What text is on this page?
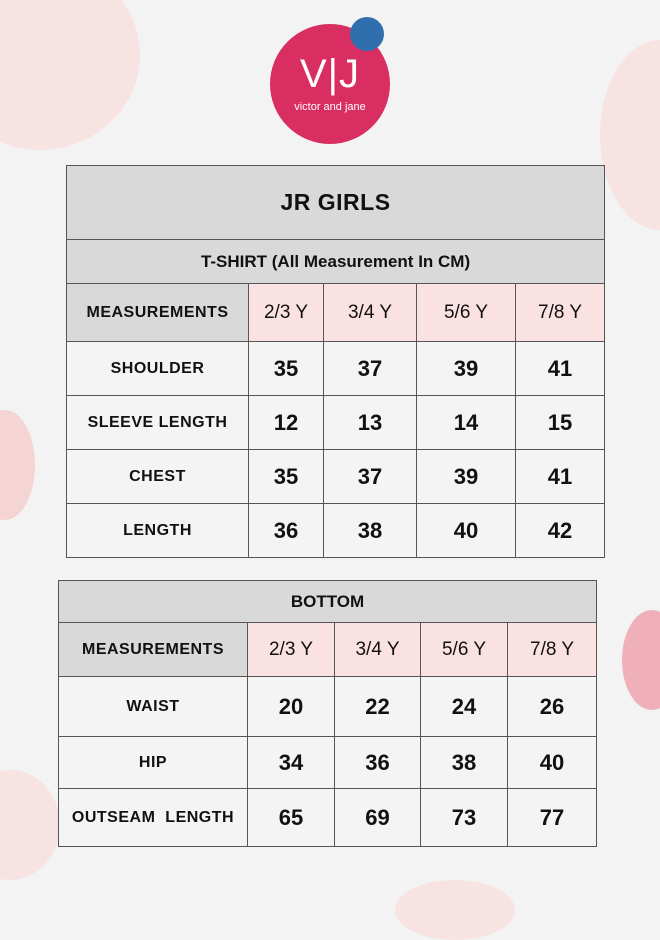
V|J
victor and jane
JR GIRLS				
T-SHIRT (All Measurement In CM)				
MEASUREMENTS	2/3 Y	3/4 Y	5/6 Y	7/8 Y
SHOULDER	35	37	39	41
SLEEVE LENGTH	12	13	14	15
CHEST	35	37	39	41
LENGTH	36	38	40	42
BOTTOM				
MEASUREMENTS	2/3 Y	3/4 Y	5/6 Y	7/8 Y
WAIST	20	22	24	26
HIP	34	36	38	40
OUTSEAM  LENGTH	65	69	73	77
